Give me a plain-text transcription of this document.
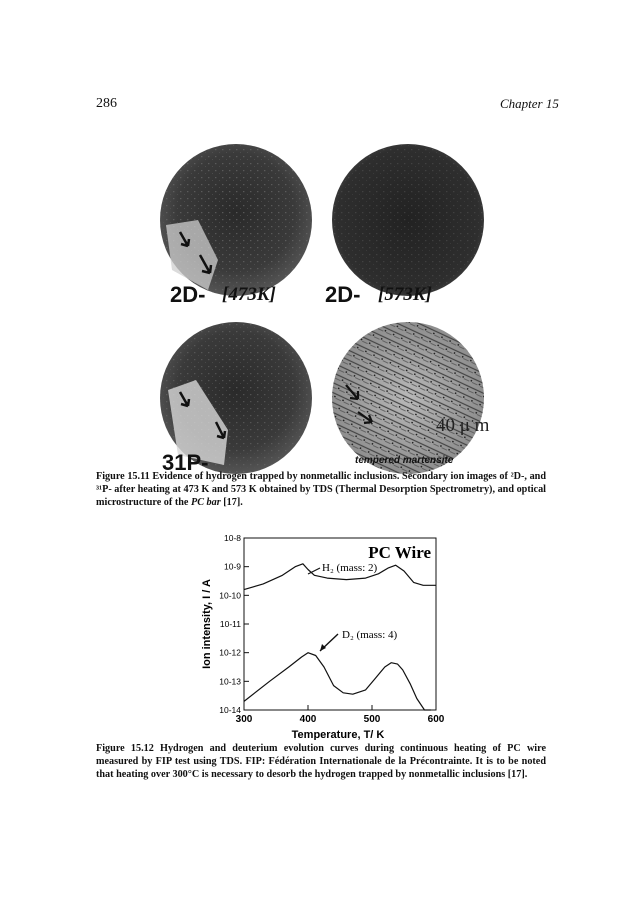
286	Chapter 15
2D- [473K] 2D- [573K]
31P-
40 μ m
tempered martensite
Figure 15.11 Evidence of hydrogen trapped by nonmetallic inclusions. Secondary ion images of ²D-, and ³¹P- after heating at 473 K and 573 K obtained by TDS (Thermal Desorption Spectrometry), and optical microstructure of the PC bar [17].
10-8
10-9
10-10
10-11
10-12
10-13
10-14
300	400	500	600
PC Wire
Temperature, T/ K
Ion intensity, I / A
H₂ (mass: 2)
D₂ (mass: 4)
Figure 15.12 Hydrogen and deuterium evolution curves during continuous heating of PC wire measured by FIP test using TDS. FIP: Fédération Internationale de la Précontrainte. It is to be noted that heating over 300°C is necessary to desorb the hydrogen trapped by nonmetallic inclusions [17].
